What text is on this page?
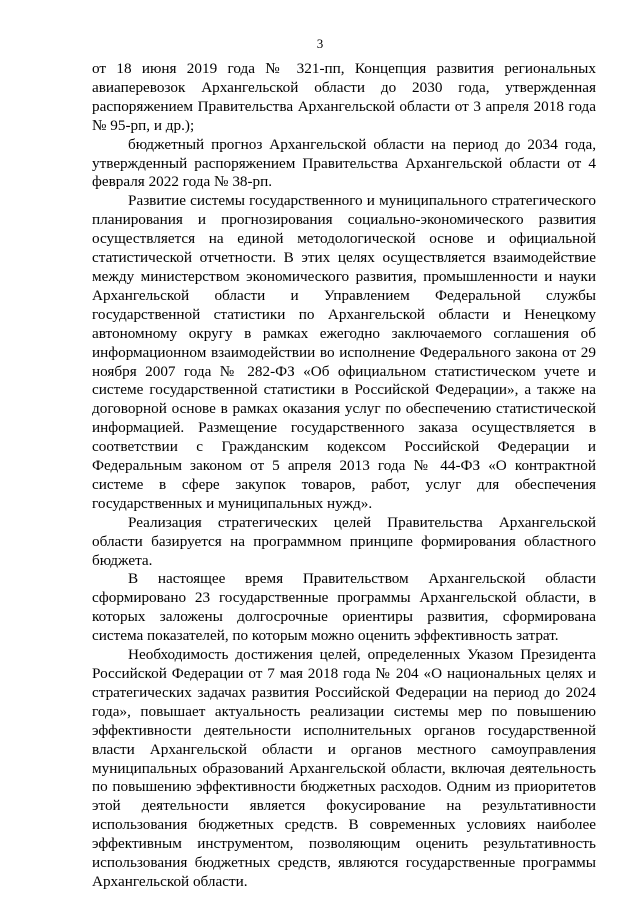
3

от 18 июня 2019 года № 321-пп, Концепция развития региональных авиаперевозок Архангельской области до 2030 года, утвержденная распоряжением Правительства Архангельской области от 3 апреля 2018 года № 95-рп, и др.);

бюджетный прогноз Архангельской области на период до 2034 года, утвержденный распоряжением Правительства Архангельской области от 4 февраля 2022 года № 38-рп.

Развитие системы государственного и муниципального стратегического планирования и прогнозирования социально-экономического развития осуществляется на единой методологической основе и официальной статистической отчетности. В этих целях осуществляется взаимодействие между министерством экономического развития, промышленности и науки Архангельской области и Управлением Федеральной службы государственной статистики по Архангельской области и Ненецкому автономному округу в рамках ежегодно заключаемого соглашения об информационном взаимодействии во исполнение Федерального закона от 29 ноября 2007 года № 282-ФЗ «Об официальном статистическом учете и системе государственной статистики в Российской Федерации», а также на договорной основе в рамках оказания услуг по обеспечению статистической информацией. Размещение государственного заказа осуществляется в соответствии с Гражданским кодексом Российской Федерации и Федеральным законом от 5 апреля 2013 года № 44-ФЗ «О контрактной системе в сфере закупок товаров, работ, услуг для обеспечения государственных и муниципальных нужд».

Реализация стратегических целей Правительства Архангельской области базируется на программном принципе формирования областного бюджета.

В настоящее время Правительством Архангельской области сформировано 23 государственные программы Архангельской области, в которых заложены долгосрочные ориентиры развития, сформирована система показателей, по которым можно оценить эффективность затрат.

Необходимость достижения целей, определенных Указом Президента Российской Федерации от 7 мая 2018 года № 204 «О национальных целях и стратегических задачах развития Российской Федерации на период до 2024 года», повышает актуальность реализации системы мер по повышению эффективности деятельности исполнительных органов государственной власти Архангельской области и органов местного самоуправления муниципальных образований Архангельской области, включая деятельность по повышению эффективности бюджетных расходов. Одним из приоритетов этой деятельности является фокусирование на результативности использования бюджетных средств. В современных условиях наиболее эффективным инструментом, позволяющим оценить результативность использования бюджетных средств, являются государственные программы Архангельской области.
